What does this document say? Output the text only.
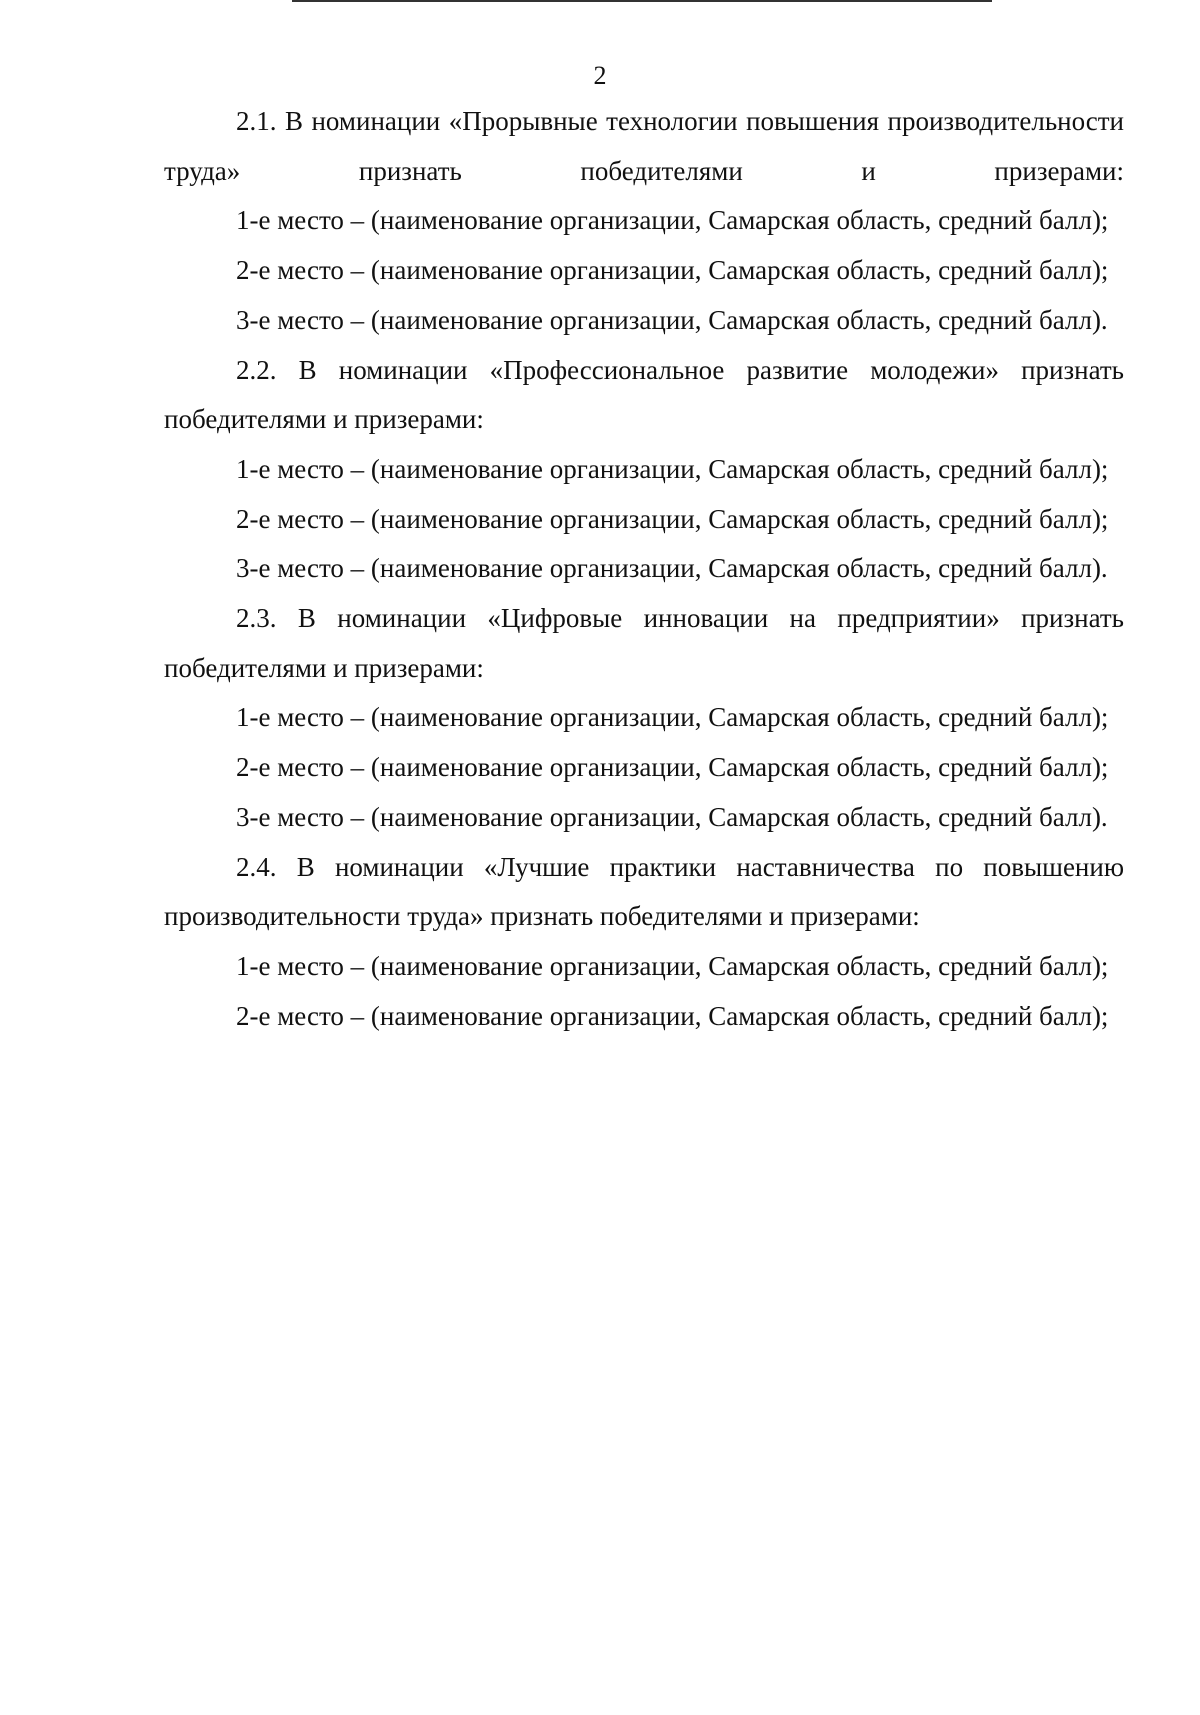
2

2.1. В номинации «Прорывные технологии повышения производительности труда» признать победителями и призерами:

1-е место – (наименование организации, Самарская область, средний балл);

2-е место – (наименование организации, Самарская область, средний балл);

3-е место – (наименование организации, Самарская область, средний балл).

2.2. В номинации «Профессиональное развитие молодежи» признать победителями и призерами:

1-е место – (наименование организации, Самарская область, средний балл);

2-е место – (наименование организации, Самарская область, средний балл);

3-е место – (наименование организации, Самарская область, средний балл).

2.3. В номинации «Цифровые инновации на предприятии» признать победителями и призерами:

1-е место – (наименование организации, Самарская область, средний балл);

2-е место – (наименование организации, Самарская область, средний балл);

3-е место – (наименование организации, Самарская область, средний балл).

2.4. В номинации «Лучшие практики наставничества по повышению производительности труда» признать победителями и призерами:

1-е место – (наименование организации, Самарская область, средний балл);

2-е место – (наименование организации, Самарская область, средний балл);
